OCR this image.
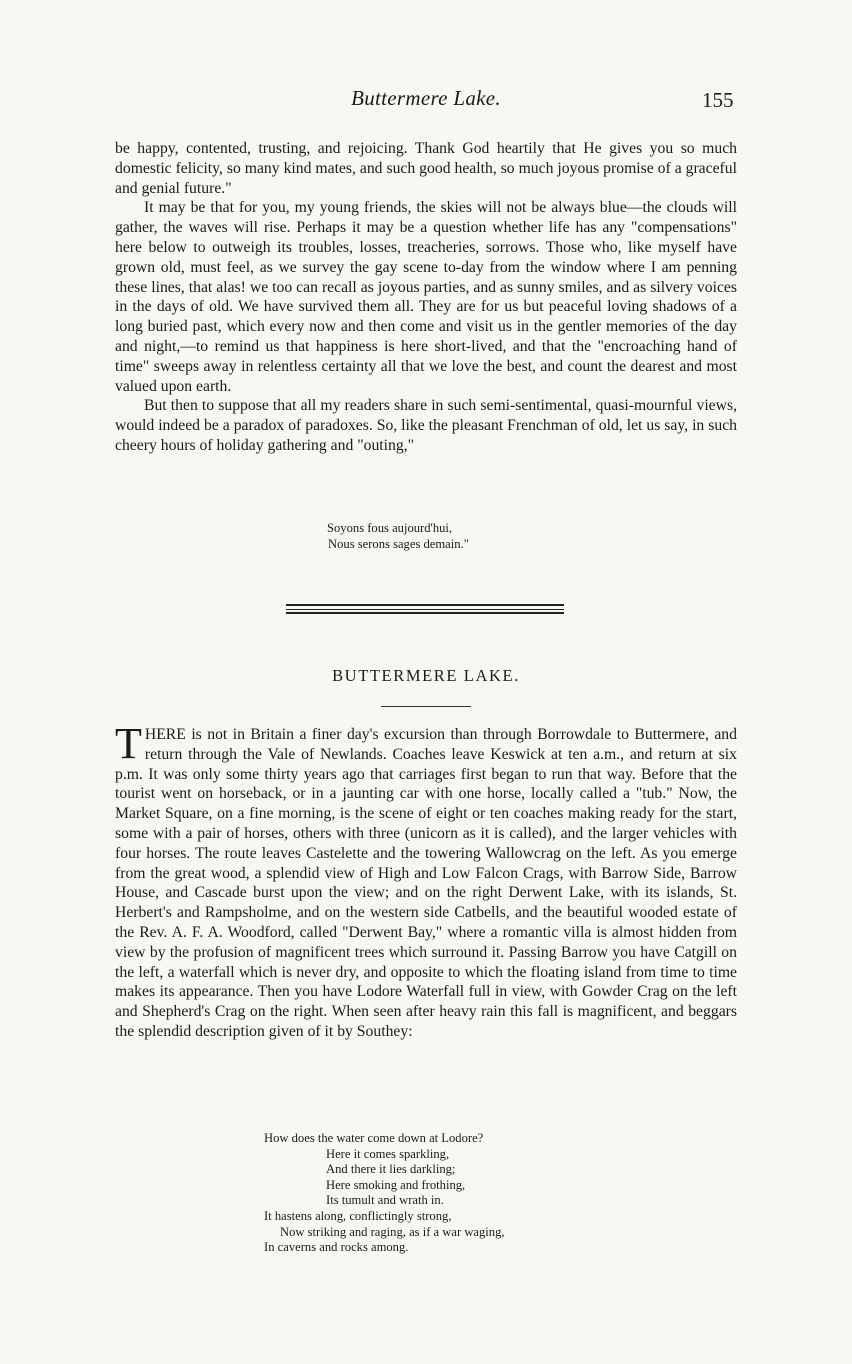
Buttermere Lake.	155

be happy, contented, trusting, and rejoicing. Thank God heartily that He gives you so much domestic felicity, so many kind mates, and such good health, so much joyous promise of a graceful and genial future."

It may be that for you, my young friends, the skies will not be always blue—the clouds will gather, the waves will rise. Perhaps it may be a question whether life has any "compensations" here below to outweigh its troubles, losses, treacheries, sorrows. Those who, like myself have grown old, must feel, as we survey the gay scene to-day from the window where I am penning these lines, that alas! we too can recall as joyous parties, and as sunny smiles, and as silvery voices in the days of old. We have survived them all. They are for us but peaceful loving shadows of a long buried past, which every now and then come and visit us in the gentler memories of the day and night,—to remind us that happiness is here short-lived, and that the "encroaching hand of time" sweeps away in relentless certainty all that we love the best, and count the dearest and most valued upon earth.

But then to suppose that all my readers share in such semi-sentimental, quasi-mournful views, would indeed be a paradox of paradoxes. So, like the pleasant Frenchman of old, let us say, in such cheery hours of holiday gathering and "outing,"

Soyons fous aujourd'hui,
Nous serons sages demain."
BUTTERMERE LAKE.

THERE is not in Britain a finer day's excursion than through Borrowdale to Buttermere, and return through the Vale of Newlands. Coaches leave Keswick at ten a.m., and return at six p.m. It was only some thirty years ago that carriages first began to run that way. Before that the tourist went on horseback, or in a jaunting car with one horse, locally called a "tub." Now, the Market Square, on a fine morning, is the scene of eight or ten coaches making ready for the start, some with a pair of horses, others with three (unicorn as it is called), and the larger vehicles with four horses. The route leaves Castelette and the towering Wallowcrag on the left. As you emerge from the great wood, a splendid view of High and Low Falcon Crags, with Barrow Side, Barrow House, and Cascade burst upon the view; and on the right Derwent Lake, with its islands, St. Herbert's and Rampsholme, and on the western side Catbells, and the beautiful wooded estate of the Rev. A. F. A. Woodford, called "Derwent Bay," where a romantic villa is almost hidden from view by the profusion of magnificent trees which surround it. Passing Barrow you have Catgill on the left, a waterfall which is never dry, and opposite to which the floating island from time to time makes its appearance. Then you have Lodore Waterfall full in view, with Gowder Crag on the left and Shepherd's Crag on the right. When seen after heavy rain this fall is magnificent, and beggars the splendid description given of it by Southey:

How does the water come down at Lodore?
Here it comes sparkling,
And there it lies darkling;
Here smoking and frothing,
Its tumult and wrath in.
It hastens along, conflictingly strong,
Now striking and raging, as if a war waging,
In caverns and rocks among.
